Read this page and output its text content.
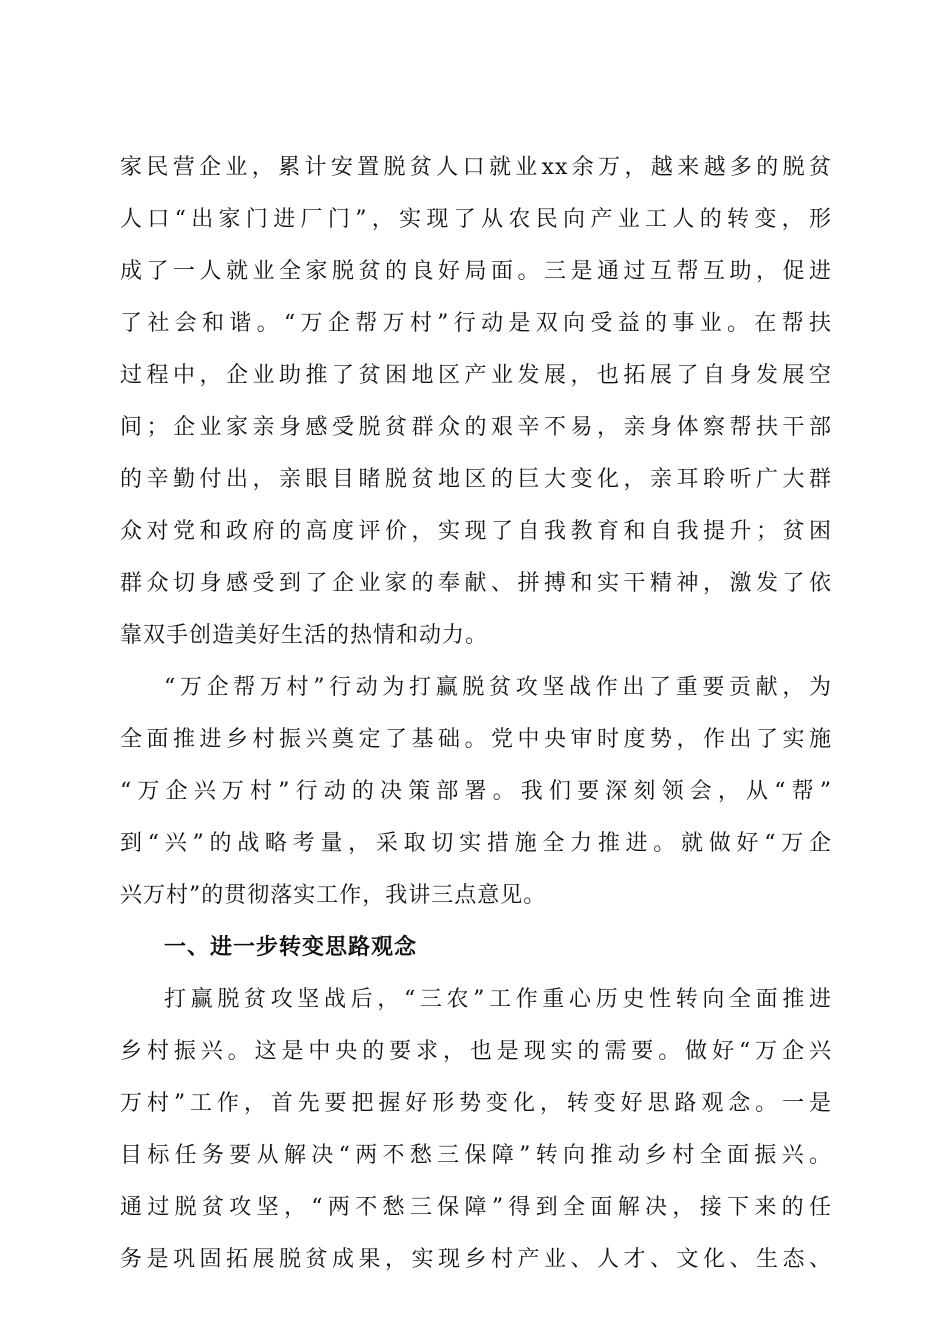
家民营企业，累计安置脱贫人口就业xx余万，越来越多的脱贫
人口“出家门进厂门”，实现了从农民向产业工人的转变，形
成了一人就业全家脱贫的良好局面。三是通过互帮互助，促进
了社会和谐。“万企帮万村”行动是双向受益的事业。在帮扶
过程中，企业助推了贫困地区产业发展，也拓展了自身发展空
间；企业家亲身感受脱贫群众的艰辛不易，亲身体察帮扶干部
的辛勤付出，亲眼目睹脱贫地区的巨大变化，亲耳聆听广大群
众对党和政府的高度评价，实现了自我教育和自我提升；贫困
群众切身感受到了企业家的奉献、拼搏和实干精神，激发了依
靠双手创造美好生活的热情和动力。
“万企帮万村”行动为打赢脱贫攻坚战作出了重要贡献，为
全面推进乡村振兴奠定了基础。党中央审时度势，作出了实施
“万企兴万村”行动的决策部署。我们要深刻领会，从“帮”
到“兴”的战略考量，采取切实措施全力推进。就做好“万企
兴万村”的贯彻落实工作，我讲三点意见。
一、进一步转变思路观念
打赢脱贫攻坚战后，“三农”工作重心历史性转向全面推进
乡村振兴。这是中央的要求，也是现实的需要。做好“万企兴
万村”工作，首先要把握好形势变化，转变好思路观念。一是
目标任务要从解决“两不愁三保障”转向推动乡村全面振兴。
通过脱贫攻坚，“两不愁三保障”得到全面解决，接下来的任
务是巩固拓展脱贫成果，实现乡村产业、人才、文化、生态、
